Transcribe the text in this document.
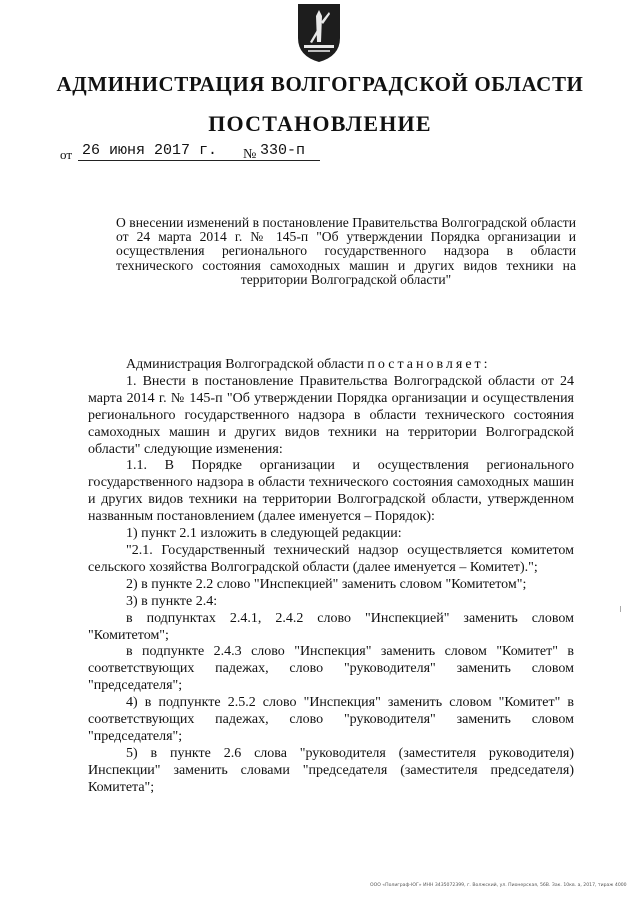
АДМИНИСТРАЦИЯ ВОЛГОГРАДСКОЙ ОБЛАСТИ
ПОСТАНОВЛЕНИЕ
от 26 июня 2017 г. № 330-п
О внесении изменений в постановление Правительства Волгоградской области от 24 марта 2014 г. № 145-п "Об утверждении Порядка организации и осуществления регионального государственного надзора в области технического состояния самоходных машин и других видов техники на территории Волгоградской области"

Администрация Волгоградской области постановляет:

1. Внести в постановление Правительства Волгоградской области от 24 марта 2014 г. № 145-п "Об утверждении Порядка организации и осуществления регионального государственного надзора в области технического состояния самоходных машин и других видов техники на территории Волгоградской области" следующие изменения:

1.1. В Порядке организации и осуществления регионального государственного надзора в области технического состояния самоходных машин и других видов техники на территории Волгоградской области, утвержденном названным постановлением (далее именуется – Порядок):

1) пункт 2.1 изложить в следующей редакции:

"2.1. Государственный технический надзор осуществляется комитетом сельского хозяйства Волгоградской области (далее именуется – Комитет).";

2) в пункте 2.2 слово "Инспекцией" заменить словом "Комитетом";

3) в пункте 2.4:

в подпунктах 2.4.1, 2.4.2 слово "Инспекцией" заменить словом "Комитетом";

в подпункте 2.4.3 слово "Инспекция" заменить словом "Комитет" в соответствующих падежах, слово "руководителя" заменить словом "председателя";

4) в подпункте 2.5.2 слово "Инспекция" заменить словом "Комитет" в соответствующих падежах, слово "руководителя" заменить словом "председателя";

5) в пункте 2.6 слова "руководителя (заместителя руководителя) Инспекции" заменить словами "председателя (заместителя председателя) Комитета";

ООО «Полиграф-ЮГ» ИНН 3435072399, г. Волжский, ул. Пионерская, 56В. Зак. 10кв. а, 2017, тираж 4000
